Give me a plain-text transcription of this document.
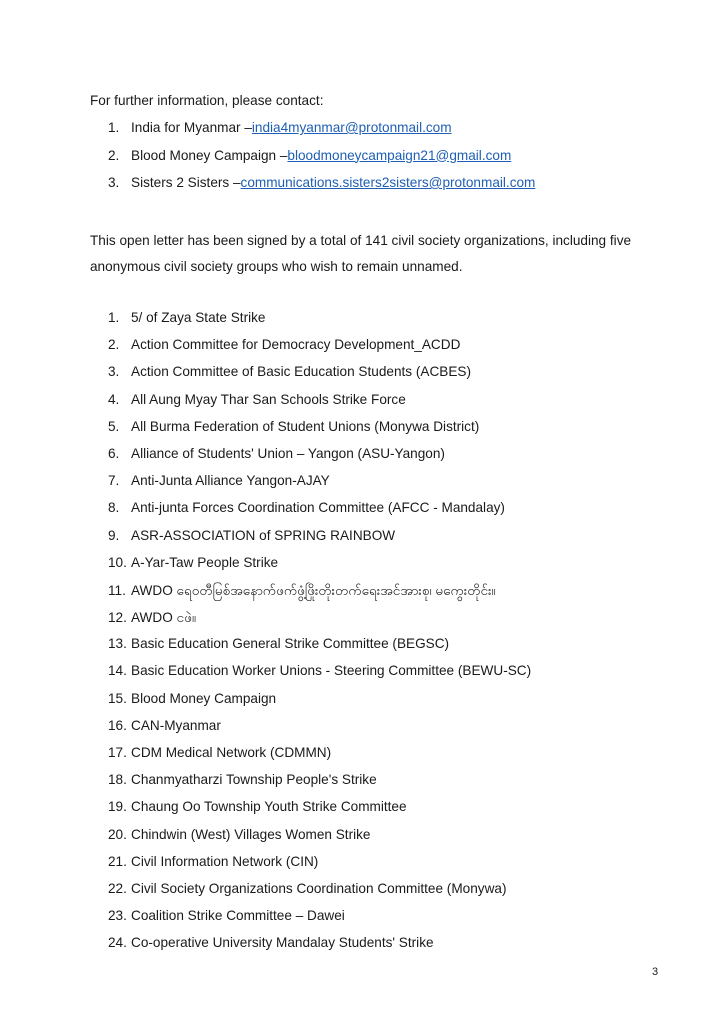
For further information, please contact:
1. India for Myanmar – india4myanmar@protonmail.com
2. Blood Money Campaign – bloodmoneycampaign21@gmail.com
3. Sisters 2 Sisters – communications.sisters2sisters@protonmail.com
This open letter has been signed by a total of 141 civil society organizations, including five anonymous civil society groups who wish to remain unnamed.
1. 5/ of Zaya State Strike
2. Action Committee for Democracy Development_ACDD
3. Action Committee of Basic Education Students (ACBES)
4. All Aung Myay Thar San Schools Strike Force
5. All Burma Federation of Student Unions (Monywa District)
6. Alliance of Students' Union – Yangon (ASU-Yangon)
7. Anti-Junta Alliance Yangon-AJAY
8. Anti-junta Forces Coordination Committee (AFCC - Mandalay)
9. ASR-ASSOCIATION of SPRING RAINBOW
10. A-Yar-Taw People Strike
11. AWDO ရေဝတီမြစ်အနောက်ဖက်ဖွံ့ဖြိုးတိုးတက်ရေးအင်အားစု၊ မကွေးတိုင်း။
12. AWDO ငဖဲ။
13. Basic Education General Strike Committee (BEGSC)
14. Basic Education Worker Unions - Steering Committee (BEWU-SC)
15. Blood Money Campaign
16. CAN-Myanmar
17. CDM Medical Network (CDMMN)
18. Chanmyatharzi Township People's Strike
19. Chaung Oo Township Youth Strike Committee
20. Chindwin (West) Villages Women Strike
21. Civil Information Network (CIN)
22. Civil Society Organizations Coordination Committee (Monywa)
23. Coalition Strike Committee – Dawei
24. Co-operative University Mandalay Students' Strike
3
